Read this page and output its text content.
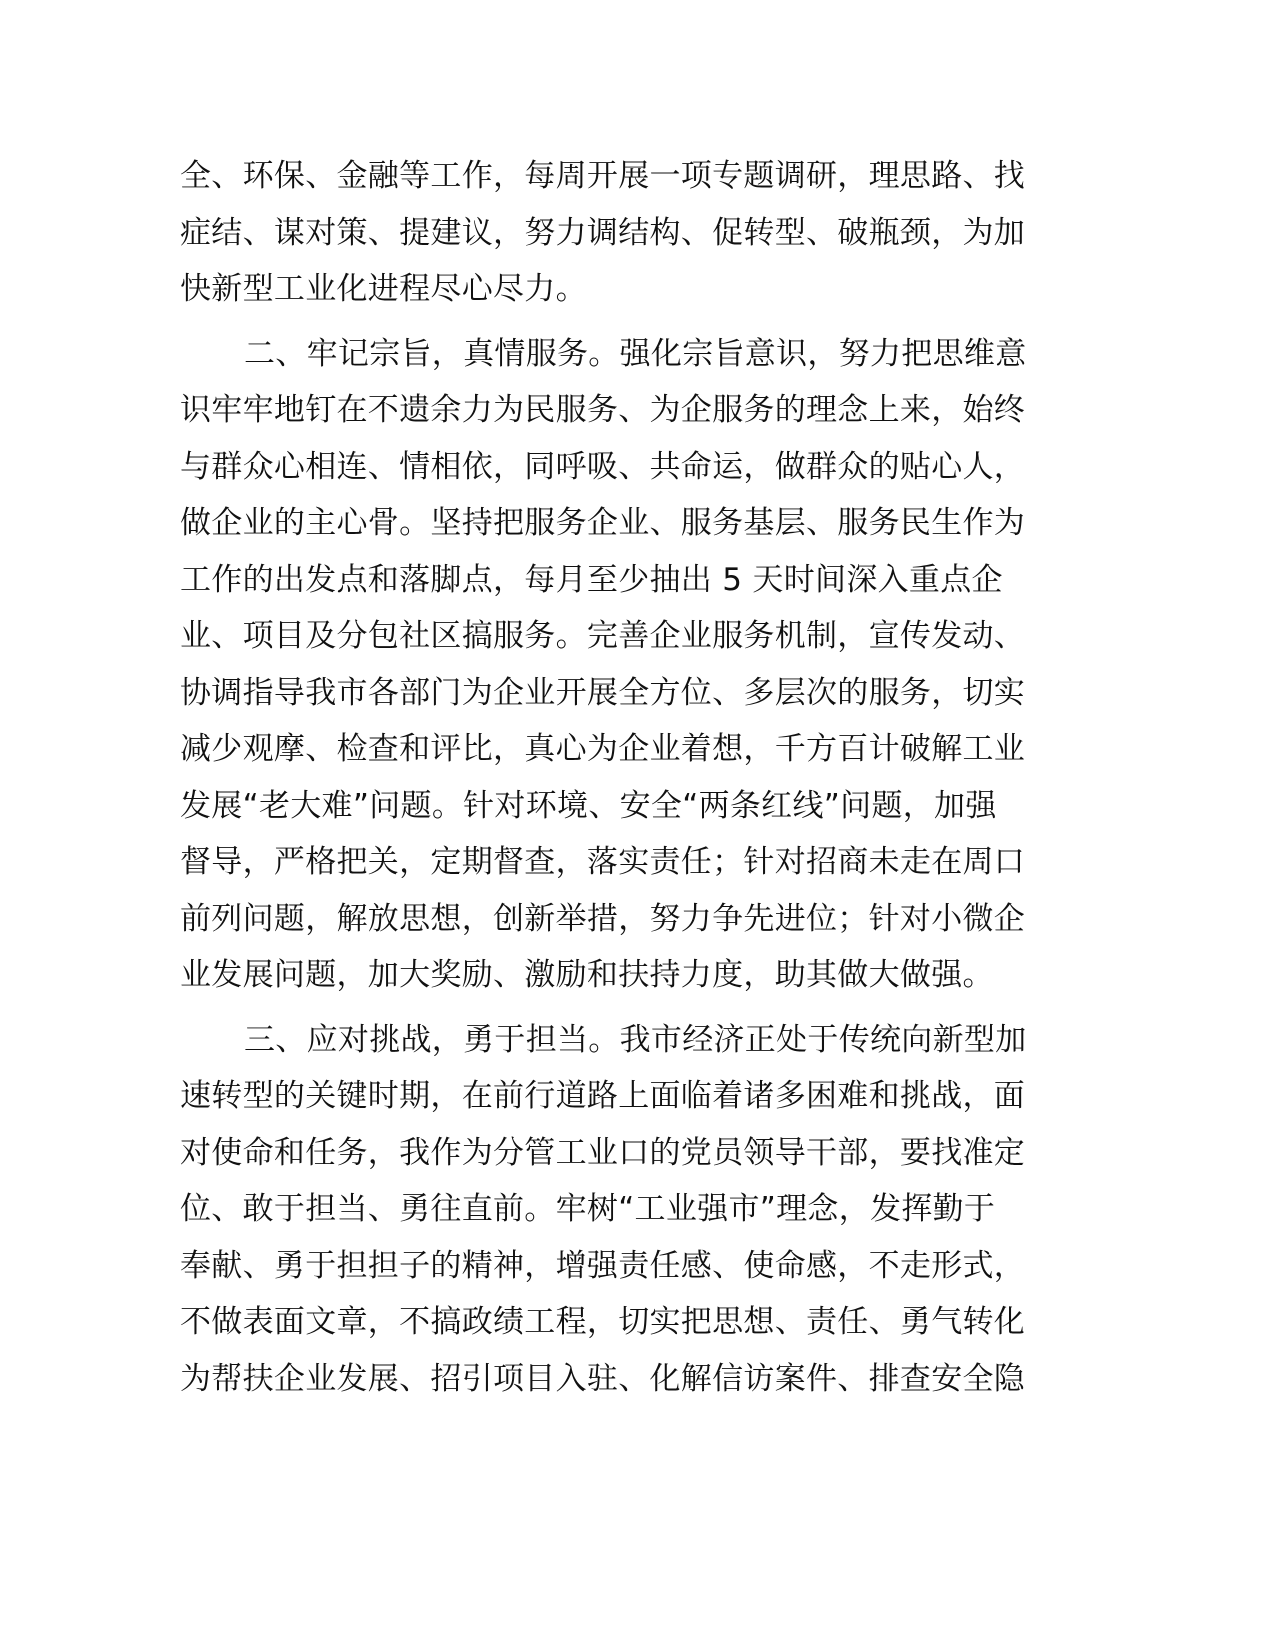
全、环保、金融等工作，每周开展一项专题调研，理思路、找
症结、谋对策、提建议，努力调结构、促转型、破瓶颈，为加
快新型工业化进程尽心尽力。
二、牢记宗旨，真情服务。强化宗旨意识，努力把思维意
识牢牢地钉在不遗余力为民服务、为企服务的理念上来，始终
与群众心相连、情相依，同呼吸、共命运，做群众的贴心人，
做企业的主心骨。坚持把服务企业、服务基层、服务民生作为
工作的出发点和落脚点，每月至少抽出 5 天时间深入重点企
业、项目及分包社区搞服务。完善企业服务机制，宣传发动、
协调指导我市各部门为企业开展全方位、多层次的服务，切实
减少观摩、检查和评比，真心为企业着想，千方百计破解工业
发展“老大难”问题。针对环境、安全“两条红线”问题，加强
督导，严格把关，定期督查，落实责任；针对招商未走在周口
前列问题，解放思想，创新举措，努力争先进位；针对小微企
业发展问题，加大奖励、激励和扶持力度，助其做大做强。
三、应对挑战，勇于担当。我市经济正处于传统向新型加
速转型的关键时期，在前行道路上面临着诸多困难和挑战，面
对使命和任务，我作为分管工业口的党员领导干部，要找准定
位、敢于担当、勇往直前。牢树“工业强市”理念，发挥勤于
奉献、勇于担担子的精神，增强责任感、使命感，不走形式，
不做表面文章，不搞政绩工程，切实把思想、责任、勇气转化
为帮扶企业发展、招引项目入驻、化解信访案件、排查安全隐
